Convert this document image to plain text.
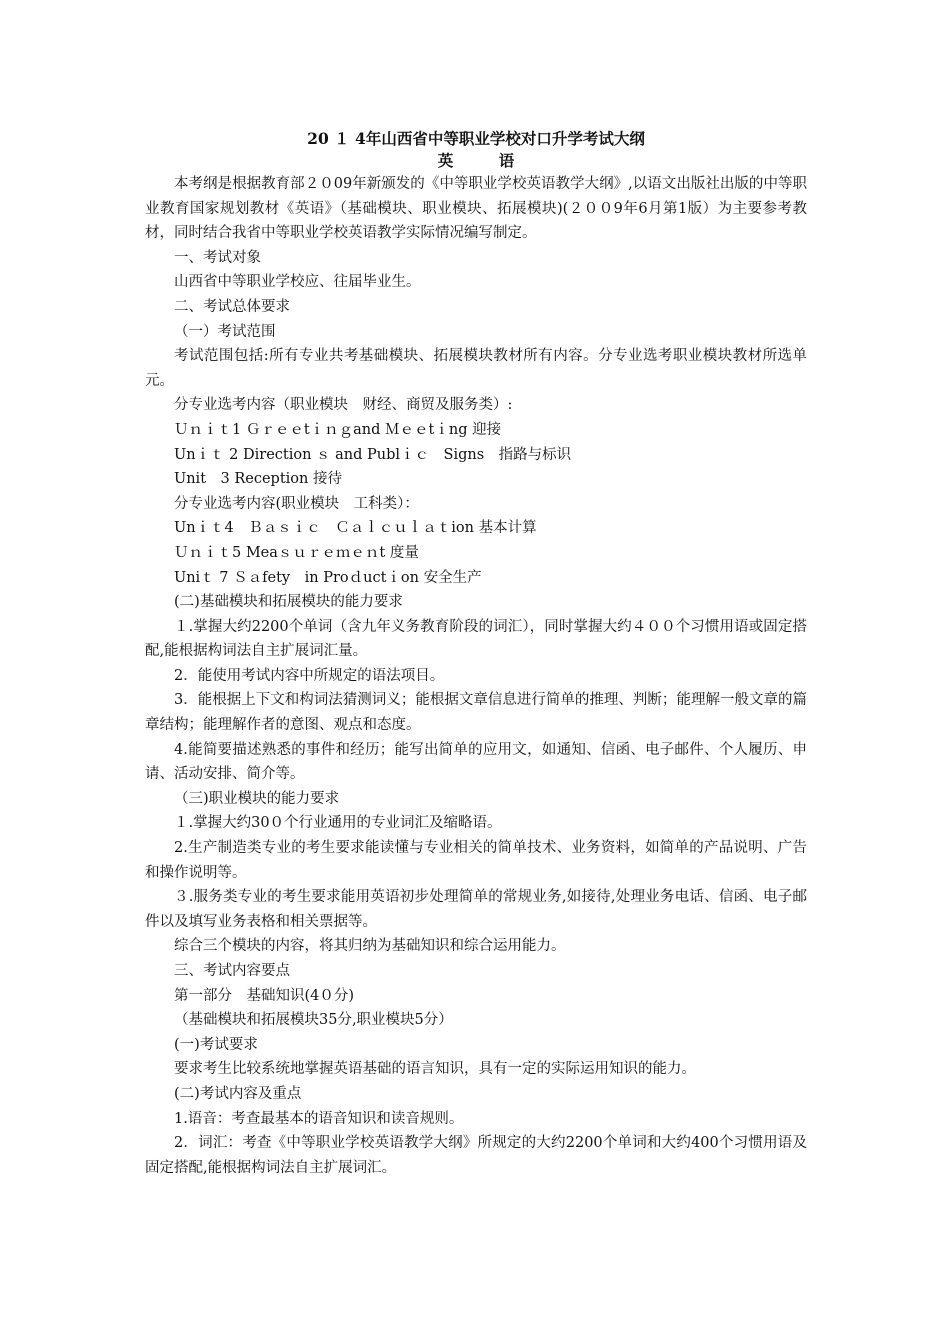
20 １ 4年山西省中等职业学校对口升学考试大纲
英 语

本考纲是根据教育部２０09年新颁发的《中等职业学校英语教学大纲》,以语文出版社出版的中等职业教育国家规划教材《英语》（基础模块、职业模块、拓展模块)(２００9年6月第1版）为主要参考教材，同时结合我省中等职业学校英语教学实际情况编写制定。

一、考试对象

山西省中等职业学校应、往届毕业生。

二、考试总体要求

（一）考试范围

考试范围包括:所有专业共考基础模块、拓展模块教材所有内容。分专业选考职业模块教材所选单元。

分专业选考内容（职业模块　财经、商贸及服务类）:

Ｕｎｉｔ1 Ｇｒｅｅtｉｎｇand Ｍｅｅtｉng 迎接

Unｉｔ 2 Direction ｓ and Publｉｃ　Signs　指路与标识

Unit　3 Reception 接待

分专业选考内容(职业模块　工科类）：

Unｉｔ4　Ｂａｓｉｃ　Ｃａｌｃｕｌａｔion 基本计算

Ｕｎｉｔ5 Meaｓｕｒｅｍｅｎt 度量

Uniｔ 7 Ｓａfety　in Proｄuctｉon 安全生产

(二)基础模块和拓展模块的能力要求

１.掌握大约2200个单词（含九年义务教育阶段的词汇），同时掌握大约４００个习惯用语或固定搭配,能根据构词法自主扩展词汇量。

2．能使用考试内容中所规定的语法项目。

3．能根据上下文和构词法猜测词义；能根据文章信息进行简单的推理、判断；能理解一般文章的篇章结构；能理解作者的意图、观点和态度。

4.能简要描述熟悉的事件和经历；能写出简单的应用文，如通知、信函、电子邮件、个人履历、申请、活动安排、简介等。

（三)职业模块的能力要求

１.掌握大约30０个行业通用的专业词汇及缩略语。

2.生产制造类专业的考生要求能读懂与专业相关的简单技术、业务资料，如简单的产品说明、广告和操作说明等。

３.服务类专业的考生要求能用英语初步处理简单的常规业务,如接待,处理业务电话、信函、电子邮件以及填写业务表格和相关票据等。

综合三个模块的内容，将其归纳为基础知识和综合运用能力。

三、考试内容要点

第一部分　基础知识(4０分)

（基础模块和拓展模块35分,职业模块5分）

(一)考试要求

要求考生比较系统地掌握英语基础的语言知识，具有一定的实际运用知识的能力。

(二)考试内容及重点

1.语音：考查最基本的语音知识和读音规则。

2．词汇：考查《中等职业学校英语教学大纲》所规定的大约2200个单词和大约400个习惯用语及固定搭配,能根据构词法自主扩展词汇。
